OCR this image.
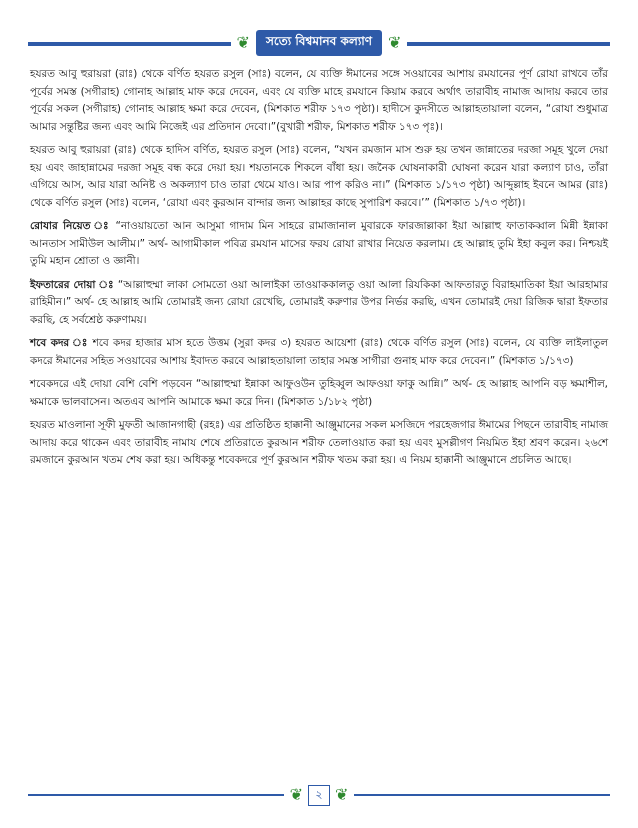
❦	সত্যে বিশ্বমানব কল্যাণ	❦

হযরত আবু হুরায়রা (রাঃ) থেকে বর্ণিত হযরত রসুল (সাঃ) বলেন, যে ব্যক্তি ঈমানের সঙ্গে সওয়াবের আশায় রমযানের পূর্ণ রোযা রাখবে তাঁর পূর্বের সমস্ত (সগীরাহ) গোনাহ আল্লাহ মাফ করে দেবেন, এবং যে ব্যক্তি মাহে রমযানে কিয়াম করবে অর্থাৎ তারাবীহ নামাজ আদায় করবে তার পূর্বের সকল (সগীরাহ) গোনাহ আল্লাহ ক্ষমা করে দেবেন, (মিশকাত শরীফ ১৭৩ পৃষ্ঠা)। হাদীসে কুদসীতে আল্লাহতায়ালা বলেন, “রোযা শুধুমাত্র আমার সন্তুষ্টির জন্য এবং আমি নিজেই এর প্রতিদান দেবো।”(বুখারী শরীফ, মিশকাত শরীফ ১৭৩ পৃঃ)।

হযরত আবু হুরায়রা (রাঃ) থেকে হাদিস বর্ণিত, হযরত রসুল (সাঃ) বলেন, “যখন রমজান মাস শুরু হয় তখন জান্নাতের দরজা সমূহ খুলে দেয়া হয় এবং জাহান্নামের দরজা সমূহ বন্ধ করে দেয়া হয়। শয়তানকে শিকলে বাঁধা হয়। জনৈক ঘোষনাকারী ঘোষনা করেন যারা কল্যাণ চাও, তাঁরা এগিয়ে আস, আর যারা অনিষ্ট ও অকল্যাণ চাও তারা থেমে যাও। আর পাপ করিও না।” (মিশকাত ১/১৭৩ পৃষ্ঠা) আব্দুল্লাহ ইবনে আমর (রাঃ) থেকে বর্ণিত রসুল (সাঃ) বলেন, ‘রোযা এবং কুরআন বান্দার জন্য আল্লাহর কাছে সুপারিশ করবে।’” (মিশকাত ১/৭৩ পৃষ্ঠা)।

রোযার নিয়েত ঃ “নাওয়ায়তো আন আসুমা গাদাম মিন সাহরে রামাজানাল মুবারকে ফারজাল্লাকা ইয়া আল্লাহু ফাতাকব্বাল মিন্নী ইন্নাকা আনতাস সামীউল আলীম।” অর্থ- আগামীকাল পবিত্র রমযান মাসের ফরয রোযা রাখার নিয়েত করলাম। হে আল্লাহ তুমি ইহা কবুল কর। নিশ্চয়ই তুমি মহান শ্রোতা ও জ্ঞানী।

ইফতারের দোয়া ঃ “আল্লাহুম্মা লাকা সোমতো ওয়া আলাইকা তাওয়াককালতু ওয়া আলা রিযকিকা আফতারতু বিরাহমাতিকা ইয়া আরহামার রাহিমীন।” অর্থ- হে আল্লাহ আমি তোমারই জন্য রোযা রেখেছি, তোমারই করুণার উপর নির্ভর করছি, এখন তোমারই দেয়া রিজিক দ্বারা ইফতার করছি, হে সর্বশ্রেষ্ঠ করুণাময়।

শবে কদর ঃ শবে কদর হাজার মাস হতে উত্তম (সুরা কদর ৩) হযরত আয়েশা (রাঃ) থেকে বর্ণিত রসুল (সাঃ) বলেন, যে ব্যক্তি লাইলাতুল কদরে ঈমানের সহিত সওয়াবের আশায় ইবাদত করবে আল্লাহতায়ালা তাহার সমস্ত সাগীরা গুনাহ মাফ করে দেবেন।” (মিশকাত ১/১৭৩)

শবেকদরে এই দোয়া বেশি বেশি পড়বেন “আল্লাহুম্মা ইন্নাকা আফুওউন তুহিব্বুল আফওয়া ফাকু আন্নি।” অর্থ- হে আল্লাহ আপনি বড় ক্ষমাশীল, ক্ষমাকে ভালবাসেন। অতএব আপনি আমাকে ক্ষমা করে দিন। (মিশকাত ১/১৮২ পৃষ্ঠা)

হযরত মাওলানা সূফী মুফতী আজানগাছী (রহঃ) এর প্রতিষ্ঠিত হাক্কানী আঞ্জুমানের সকল মসজিদে পরহেজগার ঈমামের পিছনে তারাবীহ নামাজ আদায় করে থাকেন এবং তারাবীহ নামায শেষে প্রতিরাতে কুরআন শরীফ তেলাওয়াত করা হয় এবং মুসল্লীগণ নিয়মিত ইহা শ্রবণ করেন। ২৬শে রমজানে কুরআন খতম শেষ করা হয়। অধিকন্তু শবেকদরে পূর্ণ কুরআন শরীফ খতম করা হয়। এ নিয়ম হাক্কানী আঞ্জুমানে প্রচলিত আছে।

❦	২ ❦
